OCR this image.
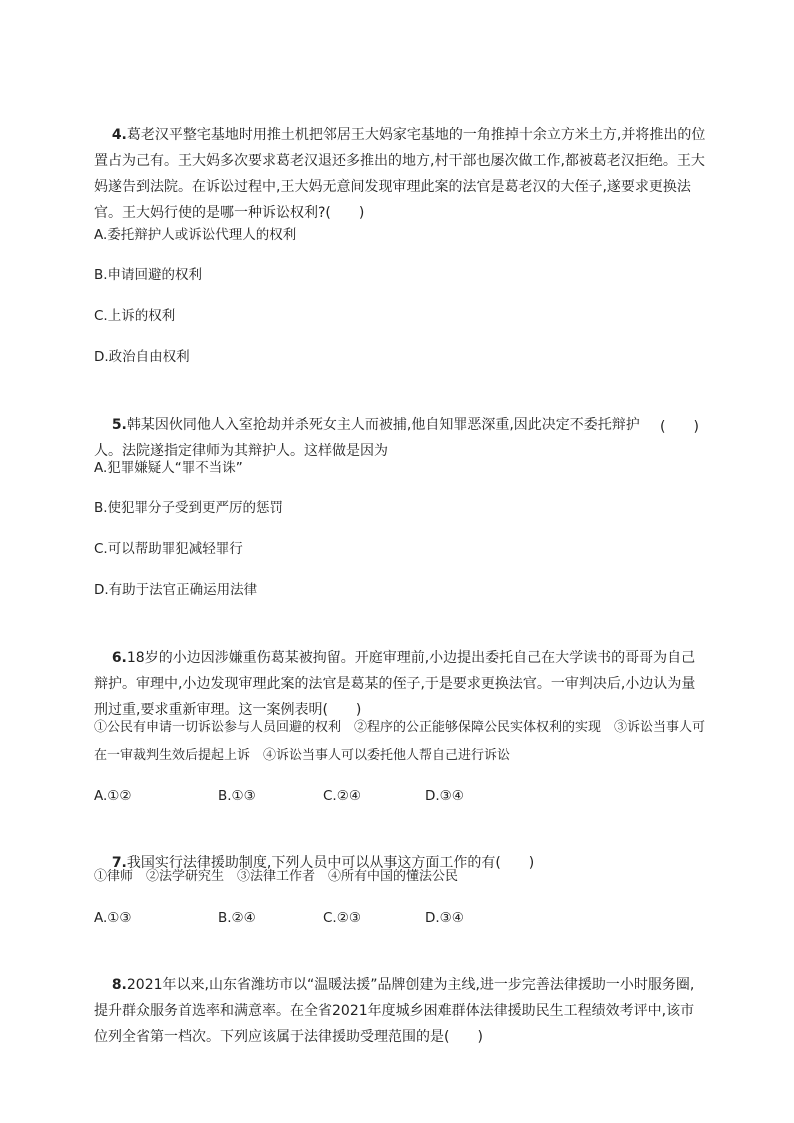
4.葛老汉平整宅基地时用推土机把邻居王大妈家宅基地的一角推掉十余立方米土方,并将推出的位置占为己有。王大妈多次要求葛老汉退还多推出的地方,村干部也屡次做工作,都被葛老汉拒绝。王大妈遂告到法院。在诉讼过程中,王大妈无意间发现审理此案的法官是葛老汉的大侄子,遂要求更换法官。王大妈行使的是哪一种诉讼权利?(　　)

A.委托辩护人或诉讼代理人的权利
B.申请回避的权利
C.上诉的权利
D.政治自由权利

5.韩某因伙同他人入室抢劫并杀死女主人而被捕,他自知罪恶深重,因此决定不委托辩护人。法院遂指定律师为其辩护人。这样做是因为

(　　)
A.犯罪嫌疑人“罪不当诛”
B.使犯罪分子受到更严厉的惩罚
C.可以帮助罪犯减轻罪行
D.有助于法官正确运用法律

6.18岁的小边因涉嫌重伤葛某被拘留。开庭审理前,小边提出委托自己在大学读书的哥哥为自己辩护。审理中,小边发现审理此案的法官是葛某的侄子,于是要求更换法官。一审判决后,小边认为量刑过重,要求重新审理。这一案例表明(　　)

①公民有申请一切诉讼参与人员回避的权利　②程序的公正能够保障公民实体权利的实现　③诉讼当事人可在一审裁判生效后提起上诉　④诉讼当事人可以委托他人帮自己进行诉讼
A.①②	B.①③	C.②④	D.③④

7.我国实行法律援助制度,下列人员中可以从事这方面工作的有(　　)

①律师　②法学研究生　③法律工作者　④所有中国的懂法公民
A.①③	B.②④	C.②③	D.③④

8.2021年以来,山东省潍坊市以“温暖法援”品牌创建为主线,进一步完善法律援助一小时服务圈,提升群众服务首选率和满意率。在全省2021年度城乡困难群体法律援助民生工程绩效考评中,该市位列全省第一档次。下列应该属于法律援助受理范围的是(　　)
